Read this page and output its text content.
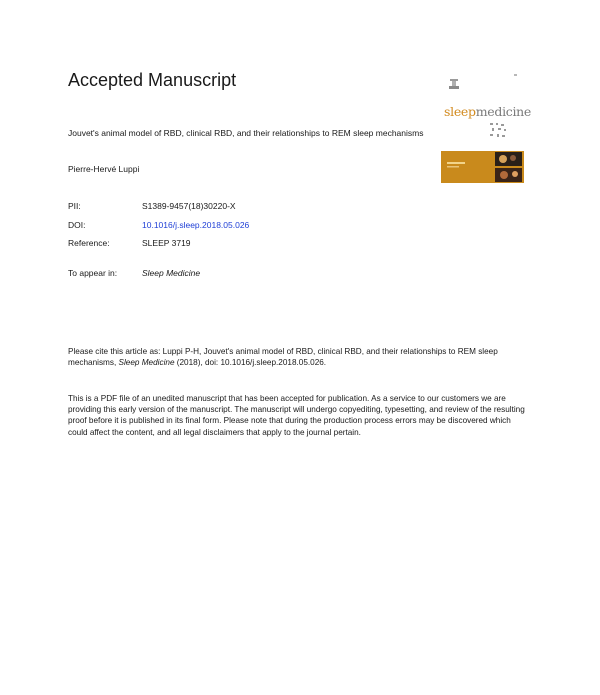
Accepted Manuscript
sleepmedicine
Jouvet's animal model of RBD, clinical RBD, and their relationships to REM sleep mechanisms
Pierre-Hervé Luppi
PII:	S1389-9457(18)30220-X
DOI:	10.1016/j.sleep.2018.05.026
Reference:	SLEEP 3719
To appear in:	Sleep Medicine
Please cite this article as: Luppi P-H, Jouvet's animal model of RBD, clinical RBD, and their relationships to REM sleep mechanisms, Sleep Medicine (2018), doi: 10.1016/j.sleep.2018.05.026.
This is a PDF file of an unedited manuscript that has been accepted for publication. As a service to our customers we are providing this early version of the manuscript. The manuscript will undergo copyediting, typesetting, and review of the resulting proof before it is published in its final form. Please note that during the production process errors may be discovered which could affect the content, and all legal disclaimers that apply to the journal pertain.
